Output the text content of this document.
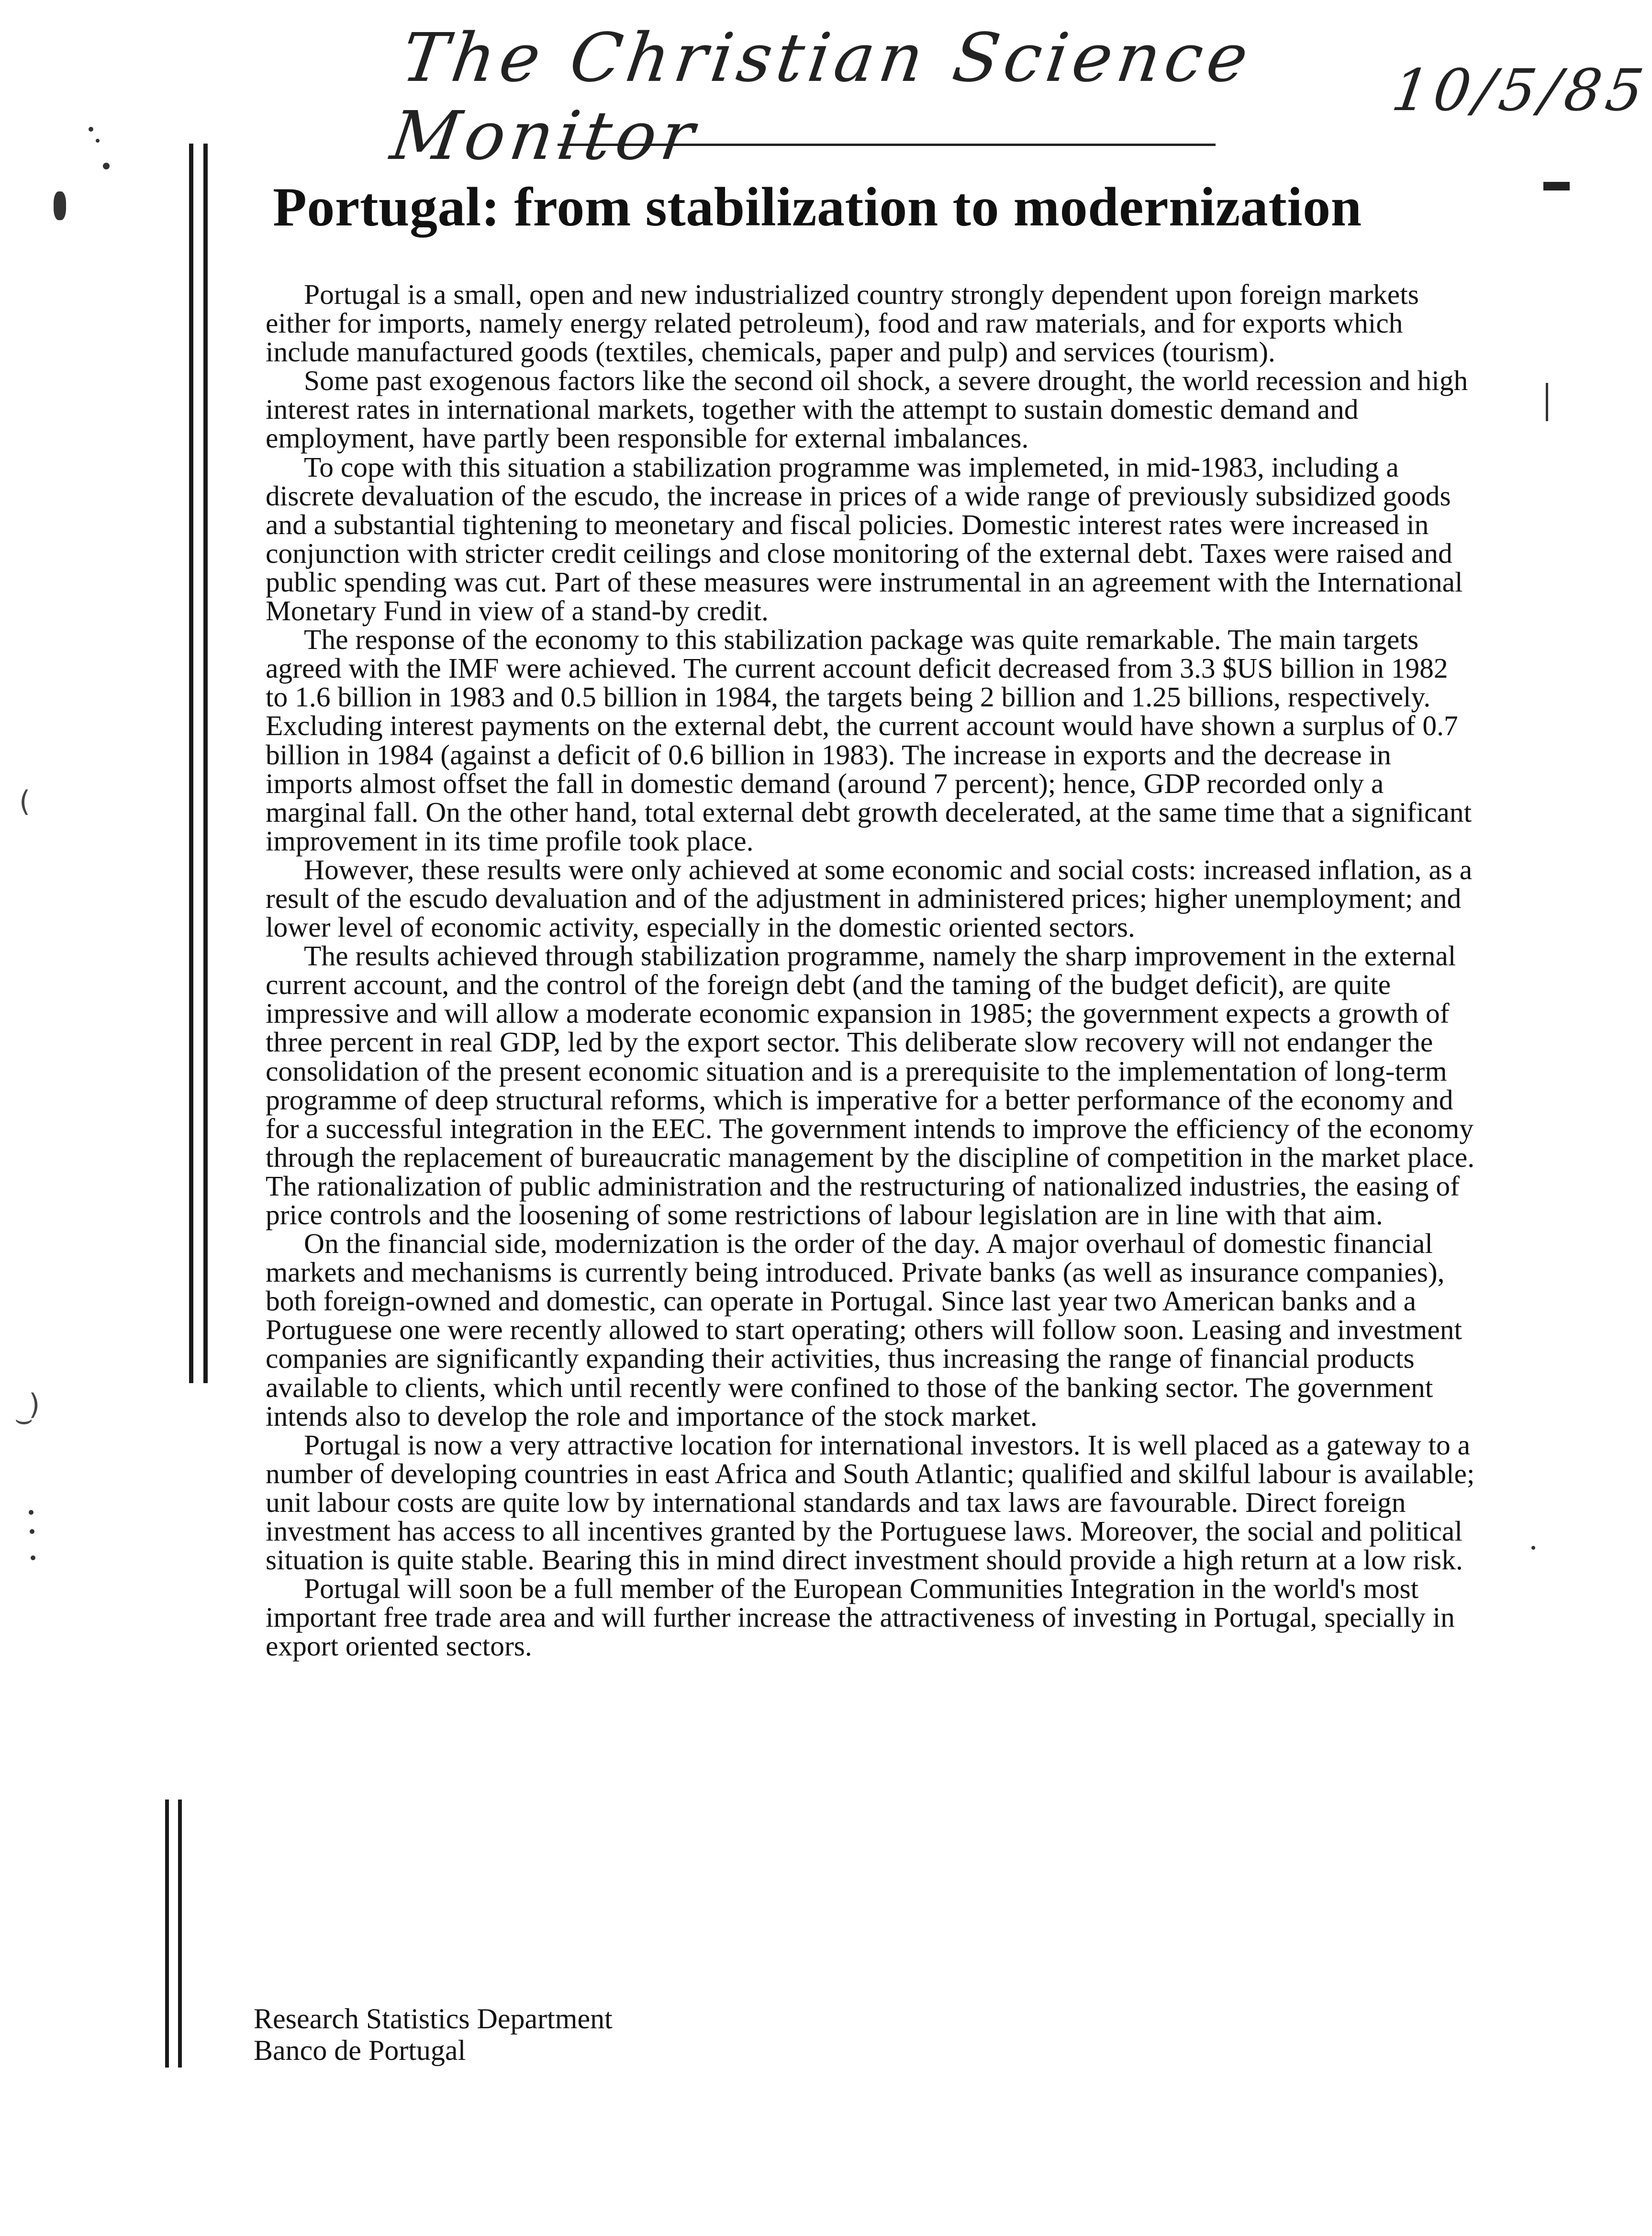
The Christian Science Monitor
10/5/85
(
)
⌣
Portugal: from stabilization to modernization

Portugal is a small, open and new industrialized country strongly dependent upon foreign markets either for imports, namely energy related petroleum), food and raw materials, and for exports which include manufactured goods (textiles, chemicals, paper and pulp) and services (tourism).

Some past exogenous factors like the second oil shock, a severe drought, the world recession and high interest rates in international markets, together with the attempt to sustain domestic demand and employment, have partly been responsible for external imbalances.

To cope with this situation a stabilization programme was implemeted, in mid-1983, including a discrete devaluation of the escudo, the increase in prices of a wide range of previously subsidized goods and a substantial tightening to meonetary and fiscal policies. Domestic interest rates were increased in conjunction with stricter credit ceilings and close monitoring of the external debt. Taxes were raised and public spending was cut. Part of these measures were instrumental in an agreement with the International Monetary Fund in view of a stand-by credit.

The response of the economy to this stabilization package was quite remarkable. The main targets agreed with the IMF were achieved. The current account deficit decreased from 3.3 $US billion in 1982 to 1.6 billion in 1983 and 0.5 billion in 1984, the targets being 2 billion and 1.25 billions, respectively. Excluding interest payments on the external debt, the current account would have shown a surplus of 0.7 billion in 1984 (against a deficit of 0.6 billion in 1983). The increase in exports and the decrease in imports almost offset the fall in domestic demand (around 7 percent); hence, GDP recorded only a marginal fall. On the other hand, total external debt growth decelerated, at the same time that a significant improvement in its time profile took place.

However, these results were only achieved at some economic and social costs: increased inflation, as a result of the escudo devaluation and of the adjustment in administered prices; higher unemployment; and lower level of economic activity, especially in the domestic oriented sectors.

The results achieved through stabilization programme, namely the sharp improvement in the external current account, and the control of the foreign debt (and the taming of the budget deficit), are quite impressive and will allow a moderate economic expansion in 1985; the government expects a growth of three percent in real GDP, led by the export sector. This deliberate slow recovery will not endanger the consolidation of the present economic situation and is a prerequisite to the implementation of long-term programme of deep structural reforms, which is imperative for a better performance of the economy and for a successful integration in the EEC. The government intends to improve the efficiency of the economy through the replacement of bureaucratic management by the discipline of competition in the market place. The rationalization of public administration and the restructuring of nationalized industries, the easing of price controls and the loosening of some restrictions of labour legislation are in line with that aim.

On the financial side, modernization is the order of the day. A major overhaul of domestic financial markets and mechanisms is currently being introduced. Private banks (as well as insurance companies), both foreign-owned and domestic, can operate in Portugal. Since last year two American banks and a Portuguese one were recently allowed to start operating; others will follow soon. Leasing and investment companies are significantly expanding their activities, thus increasing the range of financial products available to clients, which until recently were confined to those of the banking sector. The government intends also to develop the role and importance of the stock market.

Portugal is now a very attractive location for international investors. It is well placed as a gateway to a number of developing countries in east Africa and South Atlantic; qualified and skilful labour is available; unit labour costs are quite low by international standards and tax laws are favourable. Direct foreign investment has access to all incentives granted by the Portuguese laws. Moreover, the social and political situation is quite stable. Bearing this in mind direct investment should provide a high return at a low risk.

Portugal will soon be a full member of the European Communities Integration in the world's most important free trade area and will further increase the attractiveness of investing in Portugal, specially in export oriented sectors.

Research Statistics Department
Banco de Portugal
